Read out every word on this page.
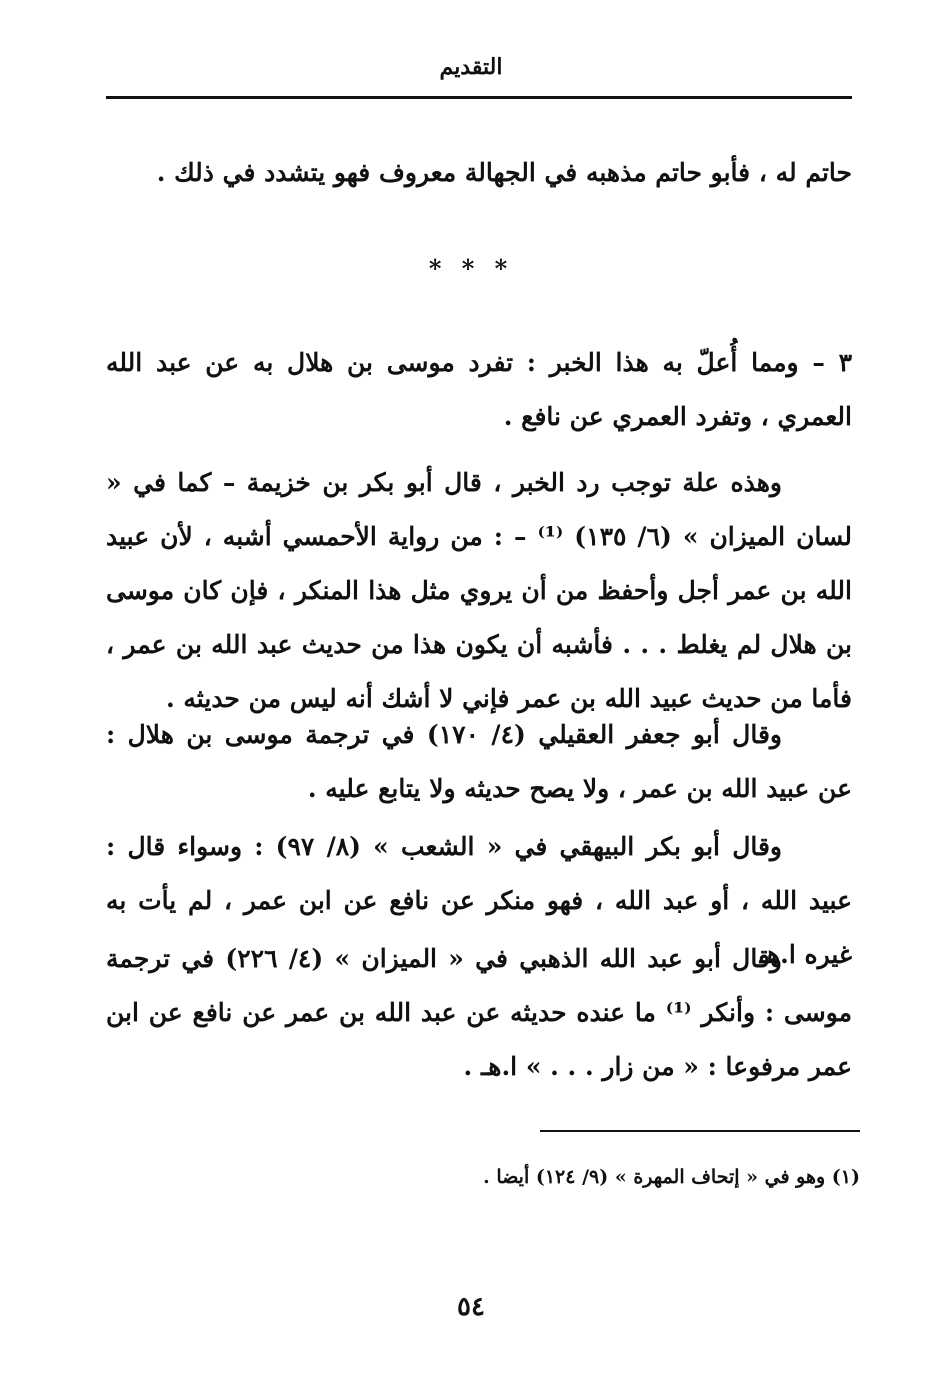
التقديم
حاتم له ، فأبو حاتم مذهبه في الجهالة معروف فهو يتشدد في ذلك .
* * *
٣ – ومما أُعلّ به هذا الخبر : تفرد موسى بن هلال به عن عبد الله العمري ، وتفرد العمري عن نافع .
وهذه علة توجب رد الخبر ، قال أبو بكر بن خزيمة – كما في « لسان الميزان » (٦/ ١٣٥) ⁽¹⁾ – : من رواية الأحمسي أشبه ، لأن عبيد الله بن عمر أجل وأحفظ من أن يروي مثل هذا المنكر ، فإن كان موسى بن هلال لم يغلط . . . فأشبه أن يكون هذا من حديث عبد الله بن عمر ، فأما من حديث عبيد الله بن عمر فإني لا أشك أنه ليس من حديثه .
وقال أبو جعفر العقيلي (٤/ ١٧٠) في ترجمة موسى بن هلال : عن عبيد الله بن عمر ، ولا يصح حديثه ولا يتابع عليه .
وقال أبو بكر البيهقي في « الشعب » (٨/ ٩٧) : وسواء قال : عبيد الله ، أو عبد الله ، فهو منكر عن نافع عن ابن عمر ، لم يأت به غيره ا.هـ
وقال أبو عبد الله الذهبي في « الميزان » (٤/ ٢٢٦) في ترجمة موسى : وأنكر ⁽¹⁾ ما عنده حديثه عن عبد الله بن عمر عن نافع عن ابن عمر مرفوعا : « من زار . . . » ا.هـ .
(١) وهو في « إتحاف المهرة » (٩/ ١٢٤) أيضا .
٥٤
